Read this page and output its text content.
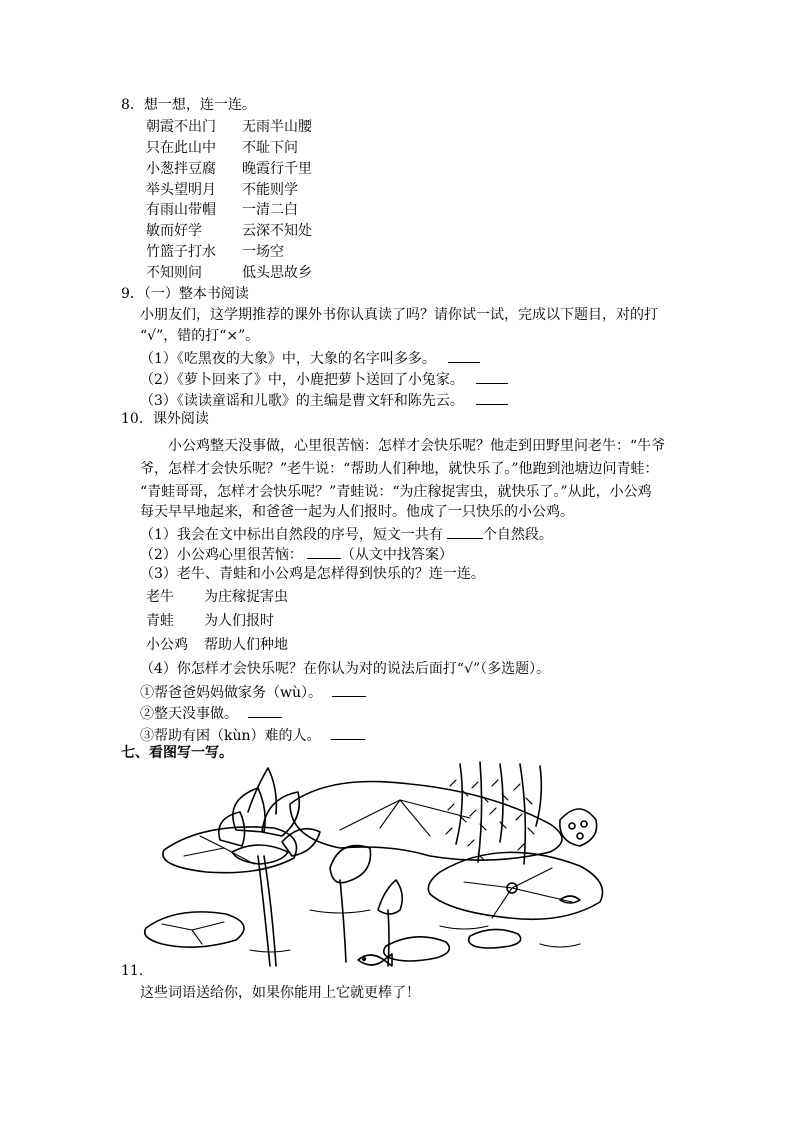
8．想一想，连一连。
朝霞不出门 无雨半山腰
只在此山中 不耻下问
小葱拌豆腐 晚霞行千里
举头望明月 不能则学
有雨山带帽 一清二白
敏而好学	云深不知处
竹篮子打水 一场空
不知则问	低头思故乡
9．（一）整本书阅读
小朋友们，这学期推荐的课外书你认真读了吗？请你试一试，完成以下题目，对的打
“√”，错的打“×”。
（1）《吃黑夜的大象》中，大象的名字叫多多。
（2）《萝卜回来了》中，小鹿把萝卜送回了小兔家。
（3）《读读童谣和儿歌》的主编是曹文轩和陈先云。
10．课外阅读
小公鸡整天没事做，心里很苦恼：怎样才会快乐呢？他走到田野里问老牛：“牛爷
爷，怎样才会快乐呢？”老牛说：“帮助人们种地，就快乐了。”他跑到池塘边问青蛙：
“青蛙哥哥，怎样才会快乐呢？”青蛙说：“为庄稼捉害虫，就快乐了。”从此，小公鸡
每天早早地起来，和爸爸一起为人们报时。他成了一只快乐的小公鸡。
（1）我会在文中标出自然段的序号，短文一共有	个自然段。
（2）小公鸡心里很苦恼：	（从文中找答案）
（3）老牛、青蛙和小公鸡是怎样得到快乐的？连一连。
老牛 为庄稼捉害虫
青蛙 为人们报时
小公鸡 帮助人们种地
（4）你怎样才会快乐呢？在你认为对的说法后面打“√”（多选题）。
①帮爸爸妈妈做家务（wù）。
②整天没事做。
③帮助有困（kùn）难的人。
七、看图写一写。
11．
这些词语送给你，如果你能用上它就更棒了！
